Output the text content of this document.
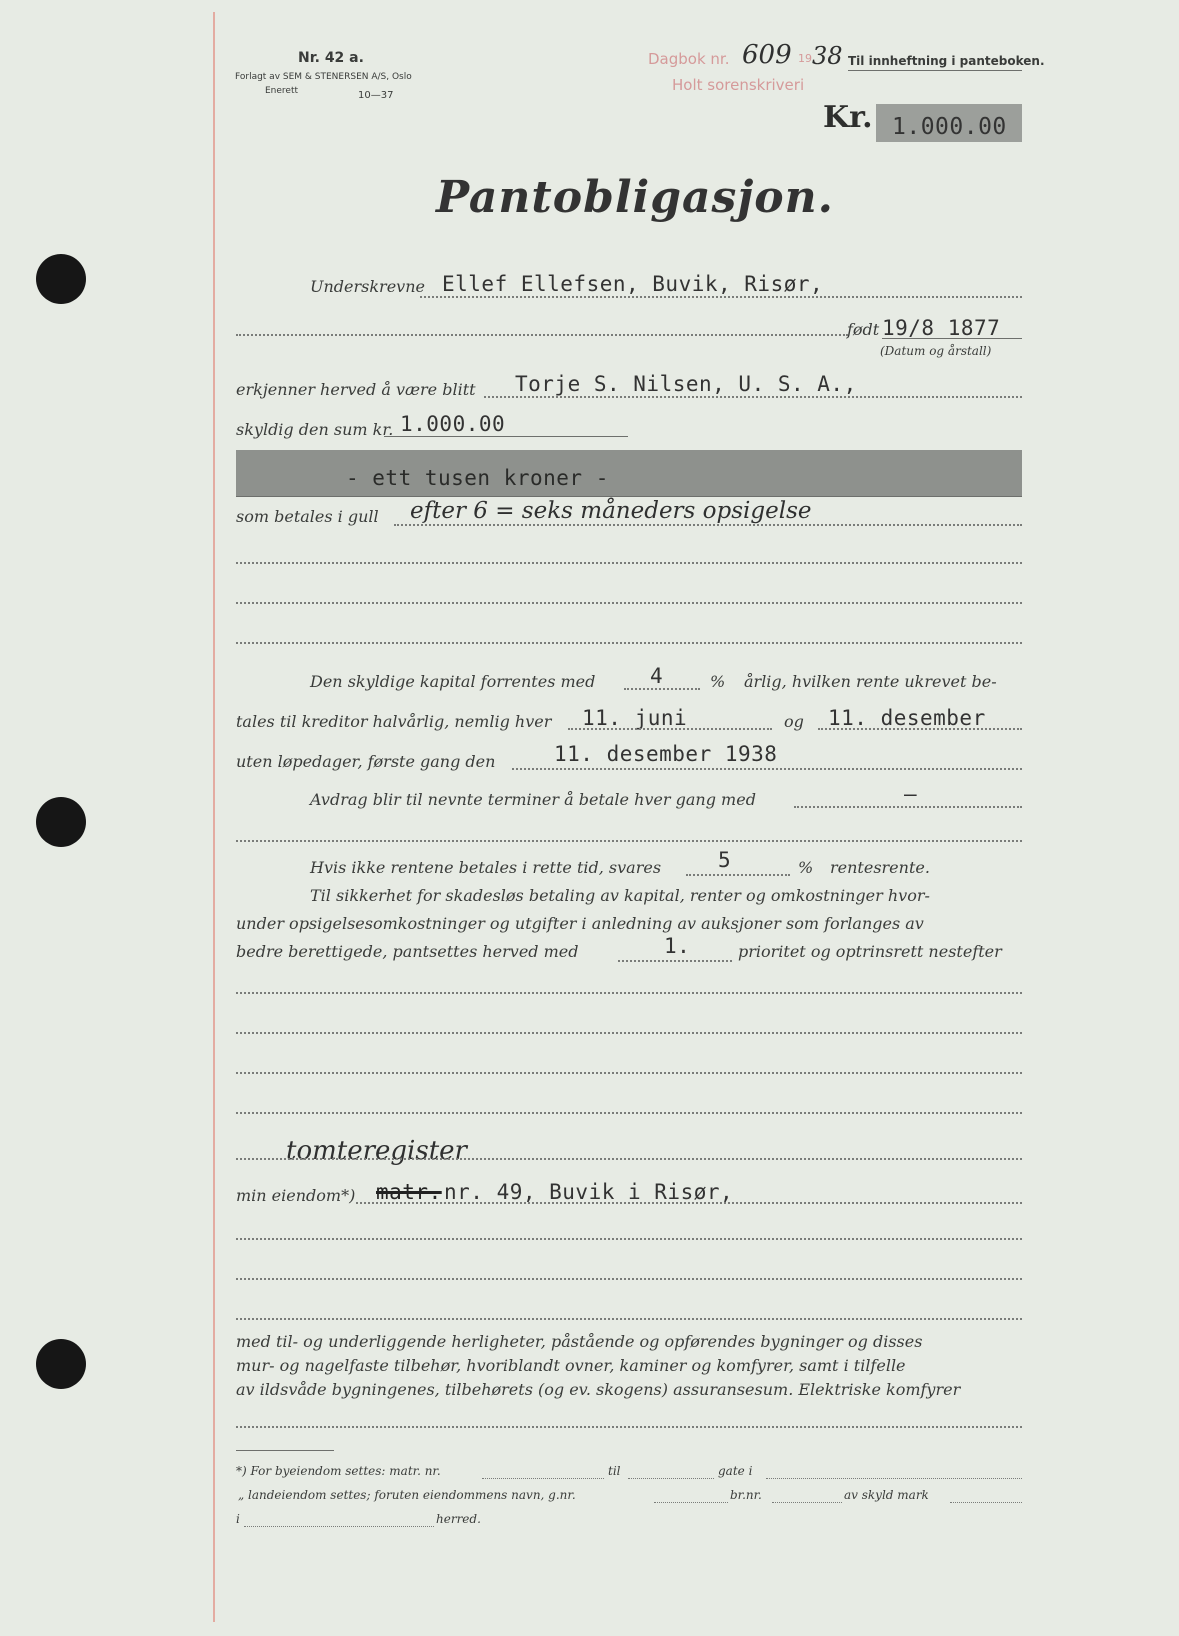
Nr. 42 a.
Forlagt av SEM & STENERSEN A/S, Oslo
Enerett	10—37
Dagbok nr. 609 19 38 Til innheftning i panteboken.
Holt sorenskriveri
Kr. 1.000.00
Pantobligasjon.
Underskrevne Ellef Ellefsen, Buvik, Risør,
født 19/8 1877
(Datum og årstall)
erkjenner herved å være blitt Torje S. Nilsen, U. S. A.,
skyldig den sum kr. 1.000.00
- ett tusen kroner -
som betales i gull efter 6 = seks måneders opsigelse
Den skyldige kapital forrentes med	4	% årlig, hvilken rente ukrevet be-
tales til kreditor halvårlig, nemlig hver 11. juni	og 11. desember
uten løpedager, første gang den	11. desember 1938
Avdrag blir til nevnte terminer å betale hver gang med	—
Hvis ikke rentene betales i rette tid, svares	5	% rentesrente.
Til sikkerhet for skadesløs betaling av kapital, renter og omkostninger hvor-
under opsigelsesomkostninger og utgifter i anledning av auksjoner som forlanges av
bedre berettigede, pantsettes herved med	1.	prioritet og optrinsrett nestefter
tomteregister
min eiendom*) matr. nr. 49, Buvik i Risør,
med til- og underliggende herligheter, påstående og opførendes bygninger og disses
mur- og nagelfaste tilbehør, hvoriblandt ovner, kaminer og komfyrer, samt i tilfelle
av ildsvåde bygningenes, tilbehørets (og ev. skogens) assuransesum. Elektriske komfyrer
*) For byeiendom settes: matr. nr.	til	gate i
„ landeiendom settes; foruten eiendommens navn, g.nr.	br.nr.	av skyld mark
i	herred.
